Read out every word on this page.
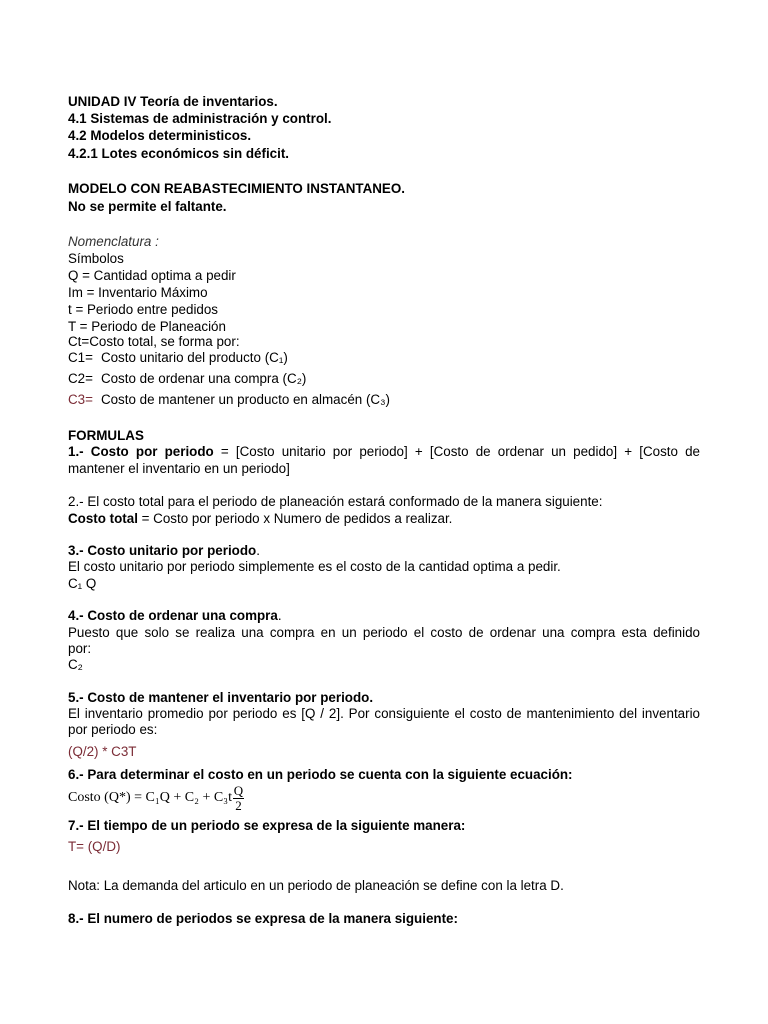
UNIDAD IV Teoría de inventarios.
4.1 Sistemas de administración y control.
4.2 Modelos deterministicos.
4.2.1 Lotes económicos sin déficit.
MODELO CON REABASTECIMIENTO INSTANTANEO.
No se permite el faltante.
Nomenclatura :
Símbolos
Q = Cantidad optima a pedir
Im = Inventario Máximo
t = Periodo entre pedidos
T = Periodo de Planeación
Ct=Costo total, se forma por:
C1= Costo unitario del producto (C₁)
C2= Costo de ordenar una compra (C₂)
C3= Costo de mantener un producto en almacén (C₃)
FORMULAS
1.- Costo por periodo = [Costo unitario por periodo] + [Costo de ordenar un pedido] + [Costo de
mantener el inventario en un periodo]
2.- El costo total para el periodo de planeación estará conformado de la manera siguiente:
Costo total = Costo por periodo x Numero de pedidos a realizar.
3.- Costo unitario por periodo.
El costo unitario por periodo simplemente es el costo de la cantidad optima a pedir.
C₁ Q
4.- Costo de ordenar una compra.
Puesto que solo se realiza una compra en un periodo el costo de ordenar una compra esta definido
por:
C₂
5.- Costo de mantener el inventario por periodo.
El inventario promedio por periodo es [Q / 2]. Por consiguiente el costo de mantenimiento del inventario
por periodo es:
(Q/2) * C3T
6.- Para determinar el costo en un periodo se cuenta con la siguiente ecuación:
Costo $(Q*) = C_1Q + C_2 + C_3t \frac{Q}{2}$
7.- El tiempo de un periodo se expresa de la siguiente manera:
T= (Q/D)
Nota: La demanda del articulo en un periodo de planeación se define con la letra D.
8.- El numero de periodos se expresa de la manera siguiente:
